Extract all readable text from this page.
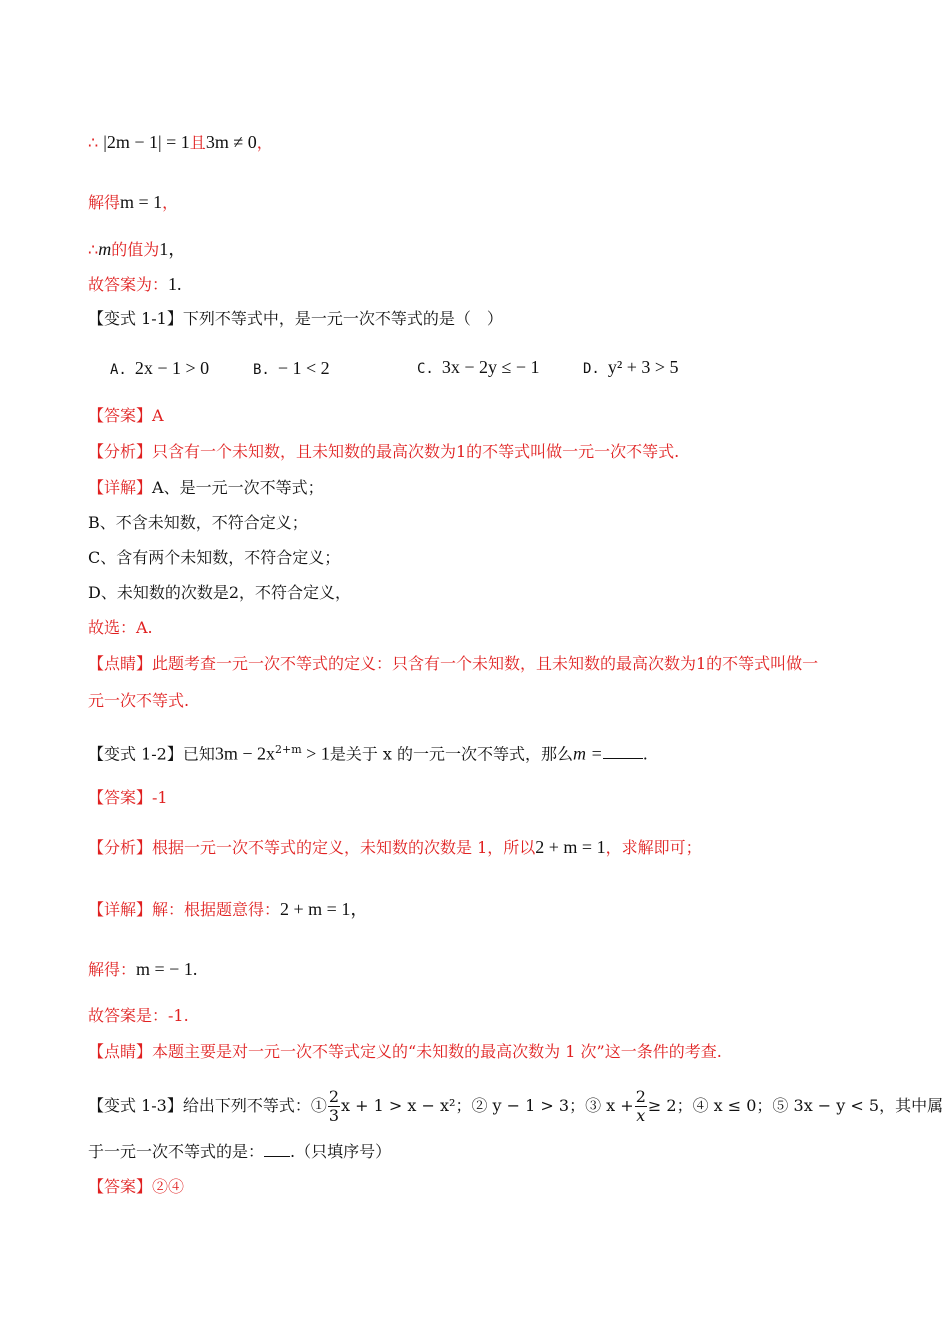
∴ |2m − 1| = 1且3m ≠ 0，
解得m = 1，
∴m的值为1，
故答案为：1.
【变式 1-1】下列不等式中，是一元一次不等式的是（　）
A. 2x − 1 > 0	B. − 1 < 2	C. 3x − 2y ≤ − 1	D. y² + 3 > 5
【答案】A
【分析】只含有一个未知数，且未知数的最高次数为1的不等式叫做一元一次不等式.
【详解】A、是一元一次不等式；
B、不含未知数，不符合定义；
C、含有两个未知数，不符合定义；
D、未知数的次数是2，不符合定义，
故选：A.
【点睛】此题考查一元一次不等式的定义：只含有一个未知数，且未知数的最高次数为1的不等式叫做一
元一次不等式.
【变式 1-2】已知$3m - 2x^{2+m} > 1$是关于 x 的一元一次不等式，那么m =	.
【答案】-1
【分析】根据一元一次不等式的定义，未知数的次数是 1，所以2 + m = 1，求解即可；
【详解】解：根据题意得：2 + m = 1，
解得：m = − 1.
故答案是：-1.
【点睛】本题主要是对一元一次不等式定义的“未知数的最高次数为 1 次”这一条件的考查.
【变式 1-3】给出下列不等式：① $\frac{2}{3}$ x + 1 > x − x²；② y − 1 > 3；③ $x + \frac{2}{x} \ge 2$；④ x ≤ 0；⑤ 3x − y < 5，其中属
于一元一次不等式的是： .（只填序号）
【答案】②④
